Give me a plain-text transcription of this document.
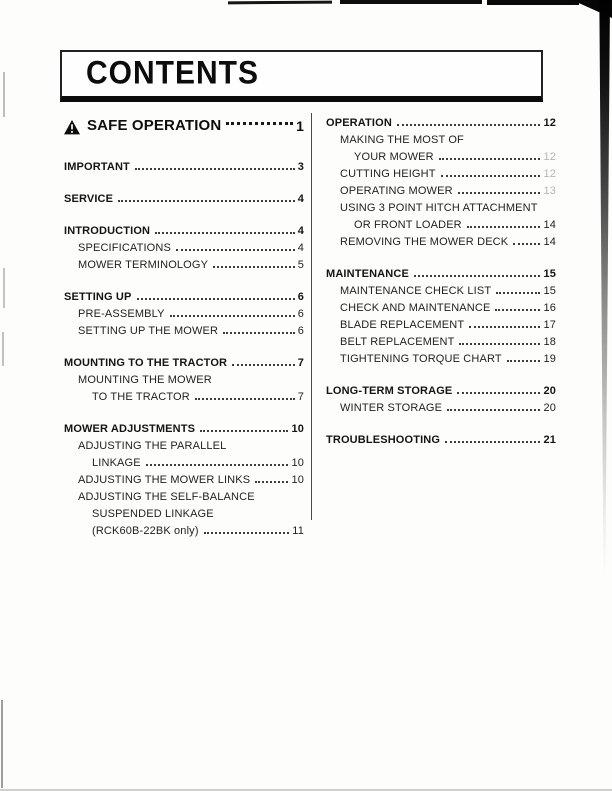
CONTENTS
SAFE OPERATION	1
IMPORTANT	3
SERVICE	4
INTRODUCTION	4
SPECIFICATIONS	4
MOWER TERMINOLOGY	5
SETTING UP	6
PRE-ASSEMBLY	6
SETTING UP THE MOWER	6
MOUNTING TO THE TRACTOR	7
MOUNTING THE MOWER
TO THE TRACTOR	7
MOWER ADJUSTMENTS	10
ADJUSTING THE PARALLEL
LINKAGE	10
ADJUSTING THE MOWER LINKS	10
ADJUSTING THE SELF-BALANCE
SUSPENDED LINKAGE
(RCK60B-22BK only)	11
OPERATION	12
MAKING THE MOST OF
YOUR MOWER	12
CUTTING HEIGHT	12
OPERATING MOWER	13
USING 3 POINT HITCH ATTACHMENT
OR FRONT LOADER	14
REMOVING THE MOWER DECK	14
MAINTENANCE	15
MAINTENANCE CHECK LIST	15
CHECK AND MAINTENANCE	16
BLADE REPLACEMENT	17
BELT REPLACEMENT	18
TIGHTENING TORQUE CHART	19
LONG-TERM STORAGE	20
WINTER STORAGE	20
TROUBLESHOOTING	21
